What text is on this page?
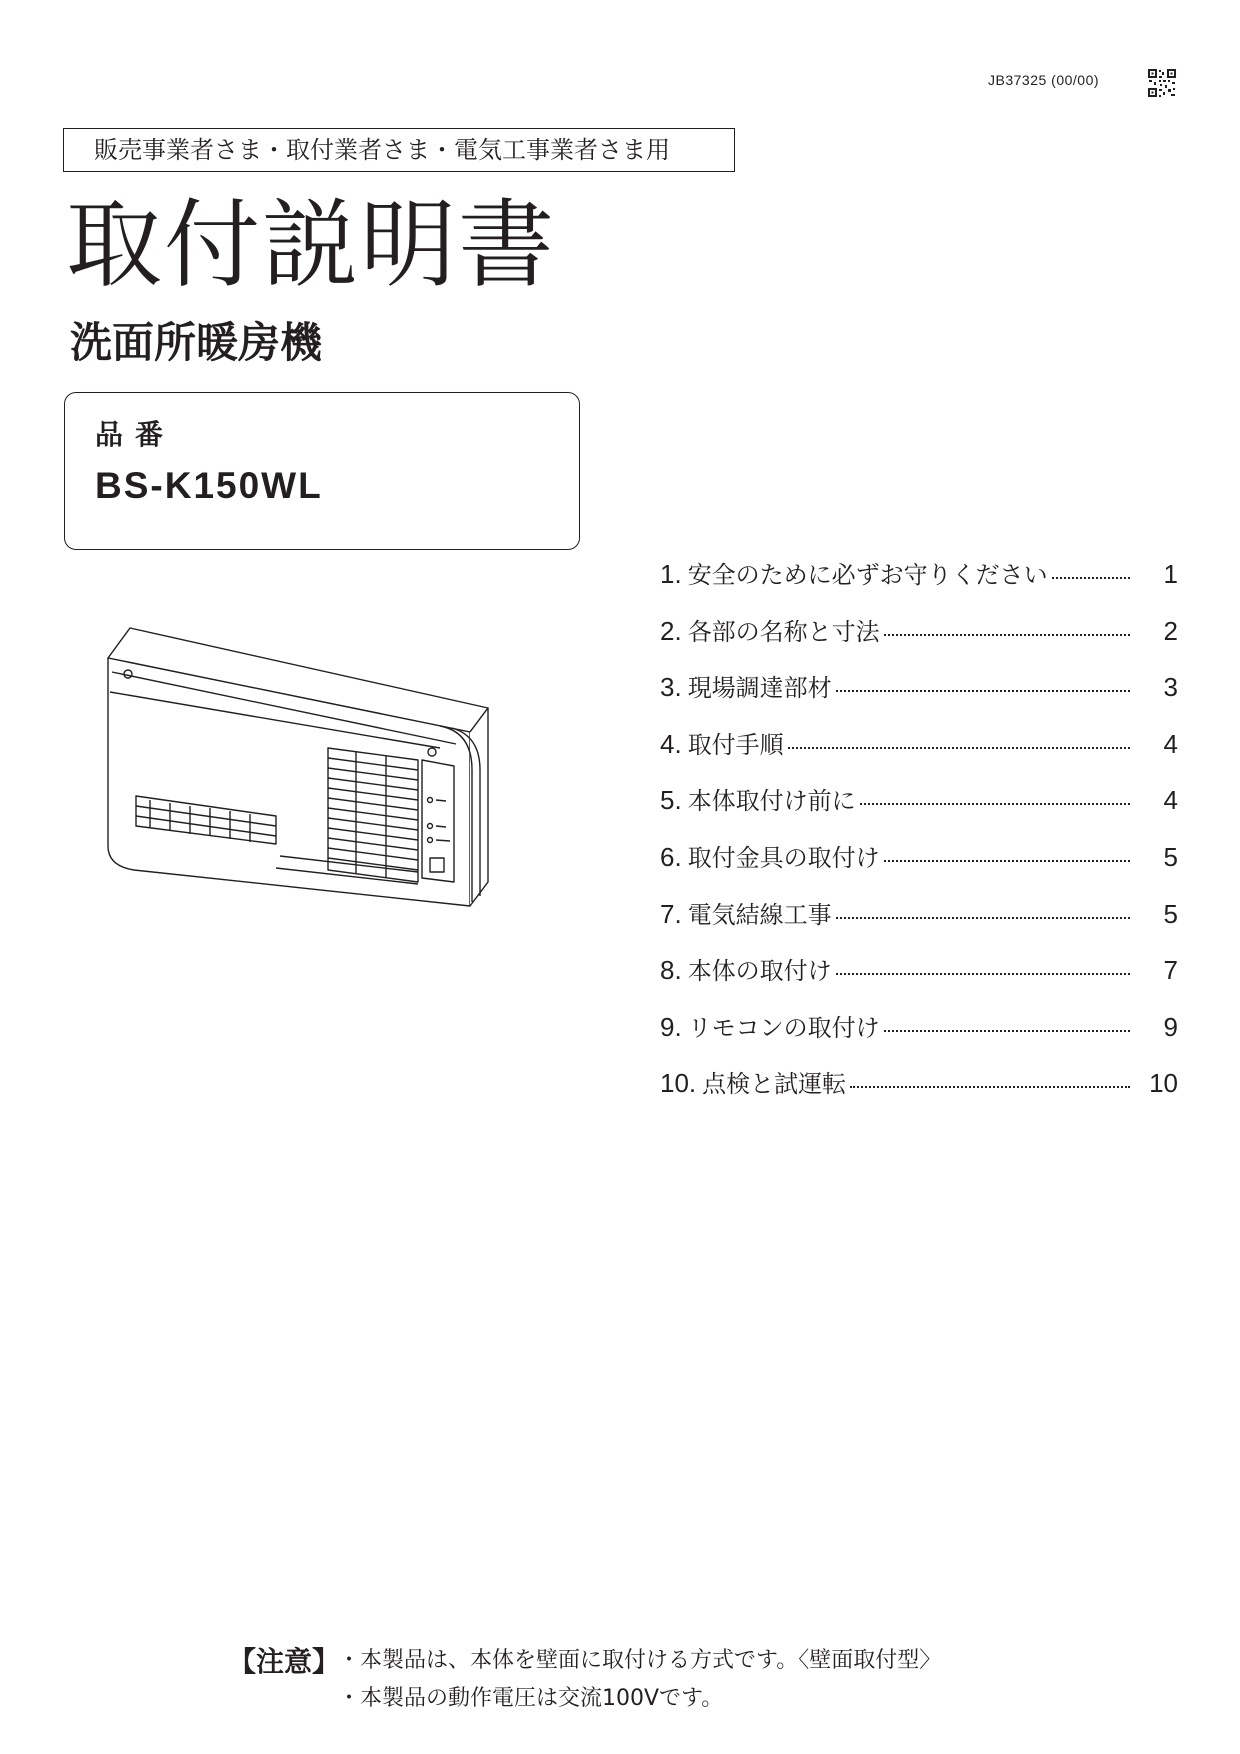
JB37325 (00/00)
販売事業者さま・取付業者さま・電気工事業者さま用
取付説明書
洗面所暖房機
品番
BS-K150WL
1. 安全のために必ずお守りください	1
2. 各部の名称と寸法	2
3. 現場調達部材	3
4. 取付手順	4
5. 本体取付け前に	4
6. 取付金具の取付け	5
7. 電気結線工事	5
8. 本体の取付け	7
9. リモコンの取付け	9
10. 点検と試運転	10
【注意】 ・ 本製品は、本体を壁面に取付ける方式です。〈壁面取付型〉
・ 本製品の動作電圧は交流100Vです。
